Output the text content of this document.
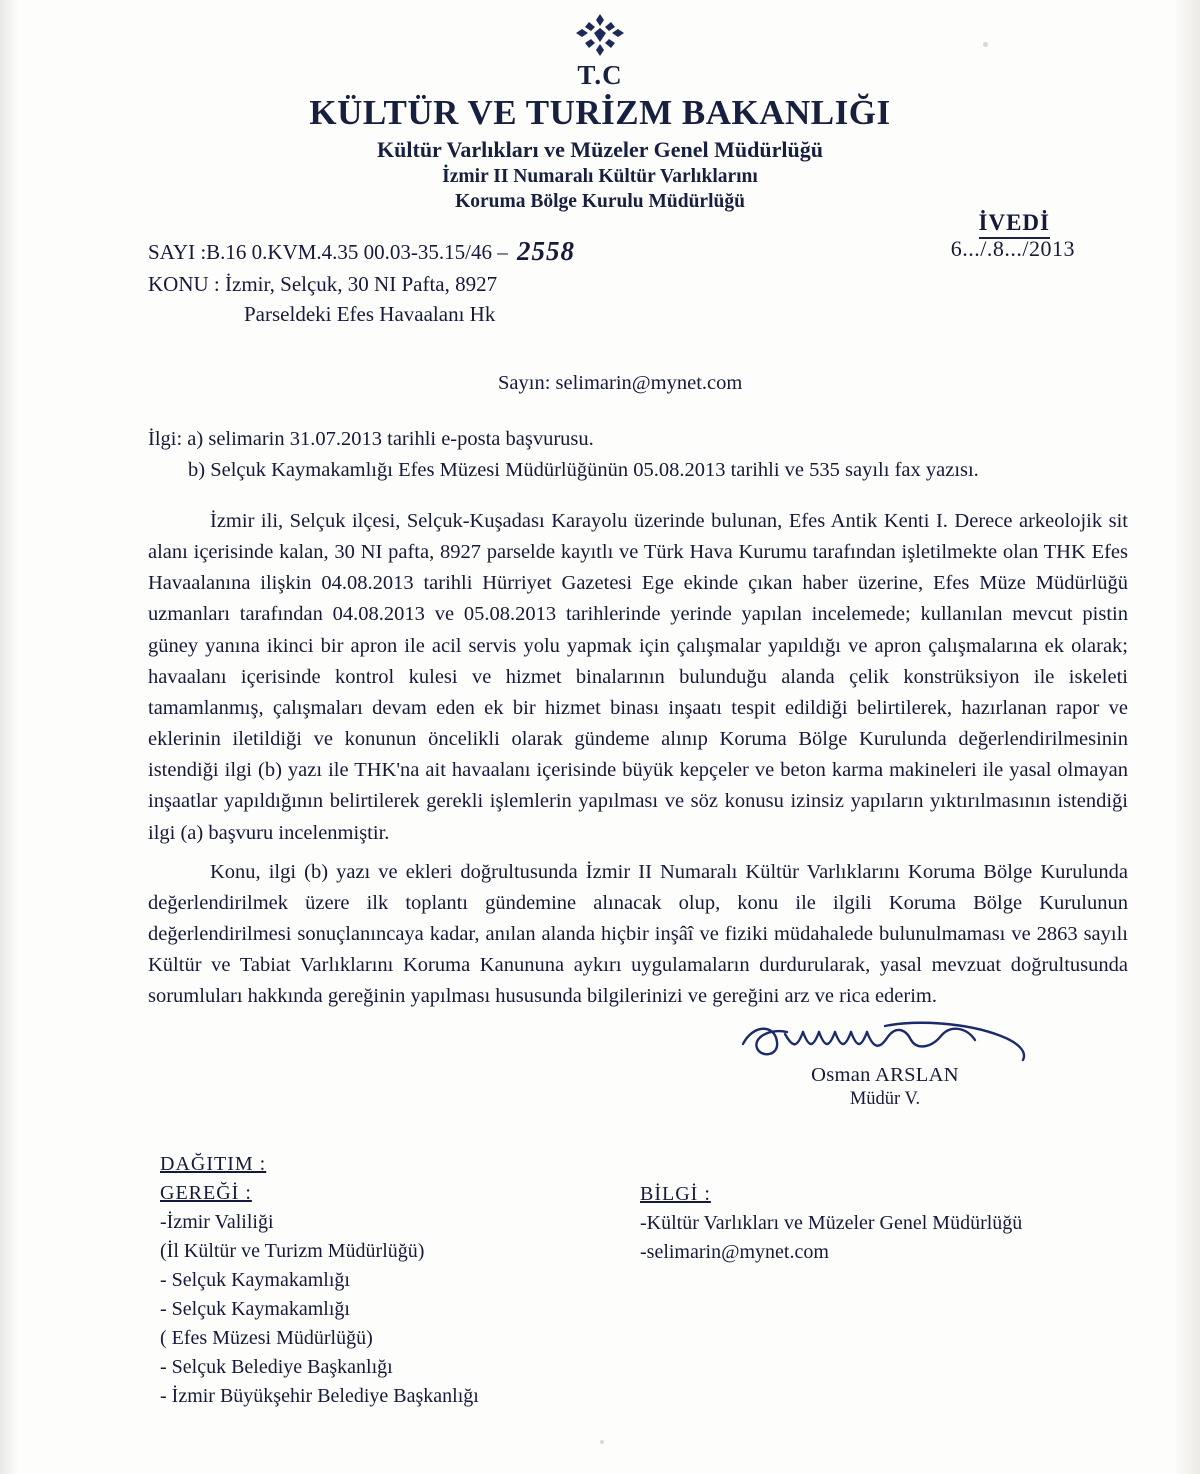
T.C
KÜLTÜR VE TURİZM BAKANLIĞI
Kültür Varlıkları ve Müzeler Genel Müdürlüğü
İzmir II Numaralı Kültür Varlıklarını
Koruma Bölge Kurulu Müdürlüğü
İVEDİ
6.../.8.../2013
SAYI :B.16 0.KVM.4.35 00.03-35.15/46 – 2558
KONU : İzmir, Selçuk, 30 NI Pafta, 8927
Parseldeki Efes Havaalanı Hk
Sayın: selimarin@mynet.com
İlgi: a) selimarin 31.07.2013 tarihli e-posta başvurusu.
b) Selçuk Kaymakamlığı Efes Müzesi Müdürlüğünün 05.08.2013 tarihli ve 535 sayılı fax yazısı.

İzmir ili, Selçuk ilçesi, Selçuk-Kuşadası Karayolu üzerinde bulunan, Efes Antik Kenti I. Derece arkeolojik sit alanı içerisinde kalan, 30 NI pafta, 8927 parselde kayıtlı ve Türk Hava Kurumu tarafından işletilmekte olan THK Efes Havaalanına ilişkin 04.08.2013 tarihli Hürriyet Gazetesi Ege ekinde çıkan haber üzerine, Efes Müze Müdürlüğü uzmanları tarafından 04.08.2013 ve 05.08.2013 tarihlerinde yerinde yapılan incelemede; kullanılan mevcut pistin güney yanına ikinci bir apron ile acil servis yolu yapmak için çalışmalar yapıldığı ve apron çalışmalarına ek olarak; havaalanı içerisinde kontrol kulesi ve hizmet binalarının bulunduğu alanda çelik konstrüksiyon ile iskeleti tamamlanmış, çalışmaları devam eden ek bir hizmet binası inşaatı tespit edildiği belirtilerek, hazırlanan rapor ve eklerinin iletildiği ve konunun öncelikli olarak gündeme alınıp Koruma Bölge Kurulunda değerlendirilmesinin istendiği ilgi (b) yazı ile THK'na ait havaalanı içerisinde büyük kepçeler ve beton karma makineleri ile yasal olmayan inşaatlar yapıldığının belirtilerek gerekli işlemlerin yapılması ve söz konusu izinsiz yapıların yıktırılmasının istendiği ilgi (a) başvuru incelenmiştir.

Konu, ilgi (b) yazı ve ekleri doğrultusunda İzmir II Numaralı Kültür Varlıklarını Koruma Bölge Kurulunda değerlendirilmek üzere ilk toplantı gündemine alınacak olup, konu ile ilgili Koruma Bölge Kurulunun değerlendirilmesi sonuçlanıncaya kadar, anılan alanda hiçbir inşâî ve fiziki müdahalede bulunulmaması ve 2863 sayılı Kültür ve Tabiat Varlıklarını Koruma Kanununa aykırı uygulamaların durdurularak, yasal mevzuat doğrultusunda sorumluları hakkında gereğinin yapılması hususunda bilgilerinizi ve gereğini arz ve rica ederim.

Osman ARSLAN
Müdür V.
DAĞITIM :
GEREĞİ :
-İzmir Valiliği
(İl Kültür ve Turizm Müdürlüğü)
- Selçuk Kaymakamlığı
- Selçuk Kaymakamlığı
( Efes Müzesi Müdürlüğü)
- Selçuk Belediye Başkanlığı
- İzmir Büyükşehir Belediye Başkanlığı
BİLGİ :
-Kültür Varlıkları ve Müzeler Genel Müdürlüğü
-selimarin@mynet.com
